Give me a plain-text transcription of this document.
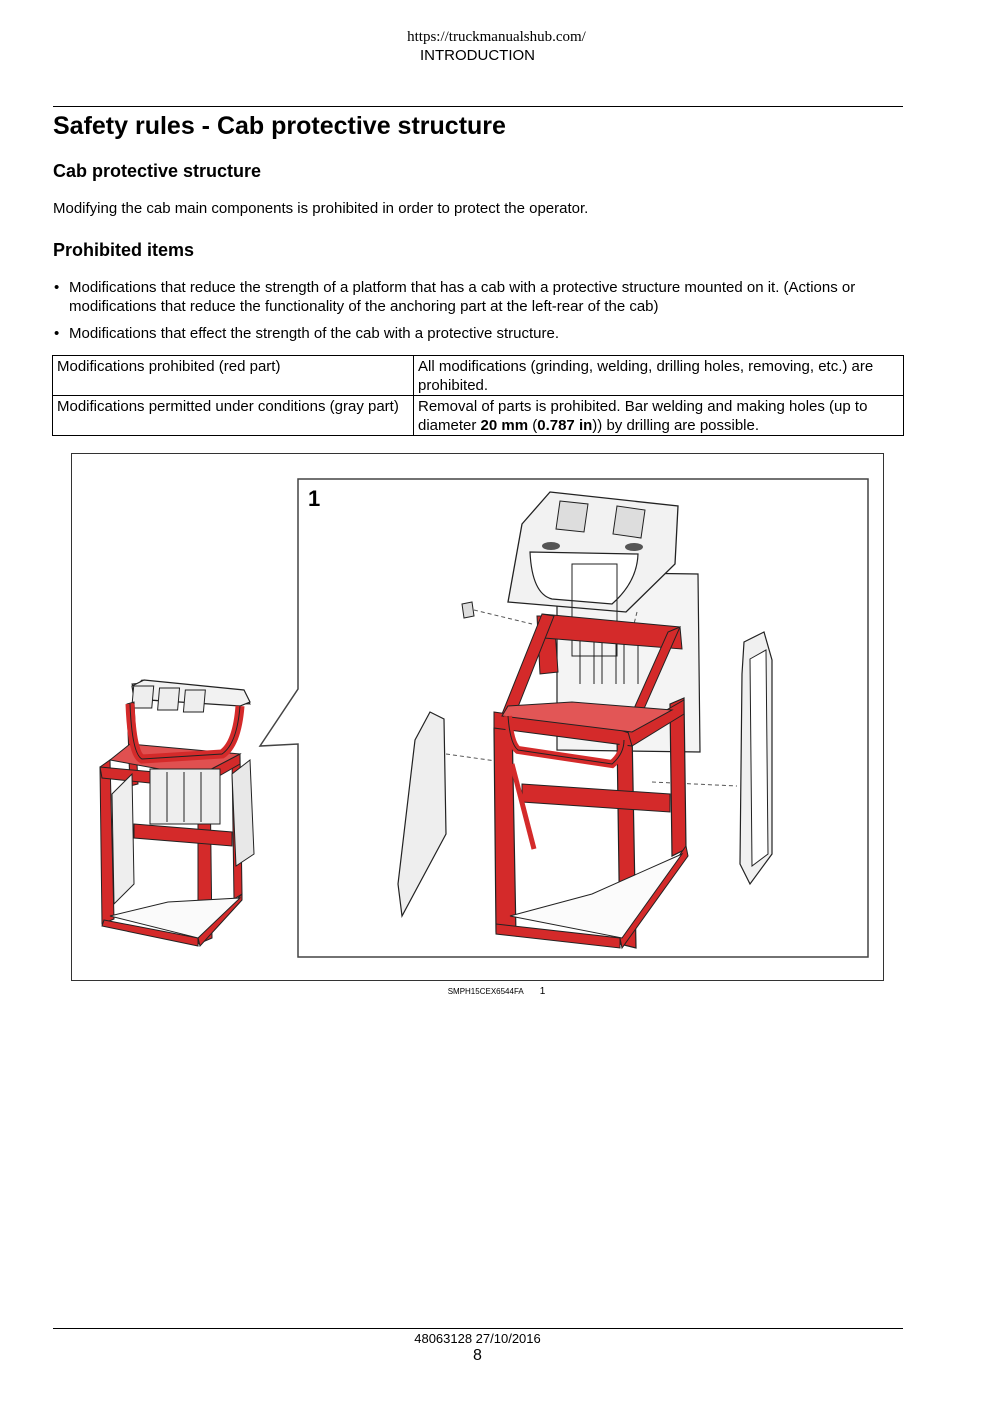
https://truckmanualshub.com/
INTRODUCTION
Safety rules - Cab protective structure
Cab protective structure

Modifying the cab main components is prohibited in order to protect the operator.

Prohibited items
• Modifications that reduce the strength of a platform that has a cab with a protective structure mounted on it. (Actions or modifications that reduce the functionality of the anchoring part at the left-rear of the cab)
• Modifications that effect the strength of the cab with a protective structure.
Modifications prohibited (red part)	All modifications (grinding, welding, drilling holes, removing, etc.) are prohibited.
Modifications permitted under conditions (gray part)	Removal of parts is prohibited. Bar welding and making holes (up to diameter 20 mm (0.787 in)) by drilling are possible.
1
SMPH15CEX6544FA 1
48063128 27/10/2016
8
